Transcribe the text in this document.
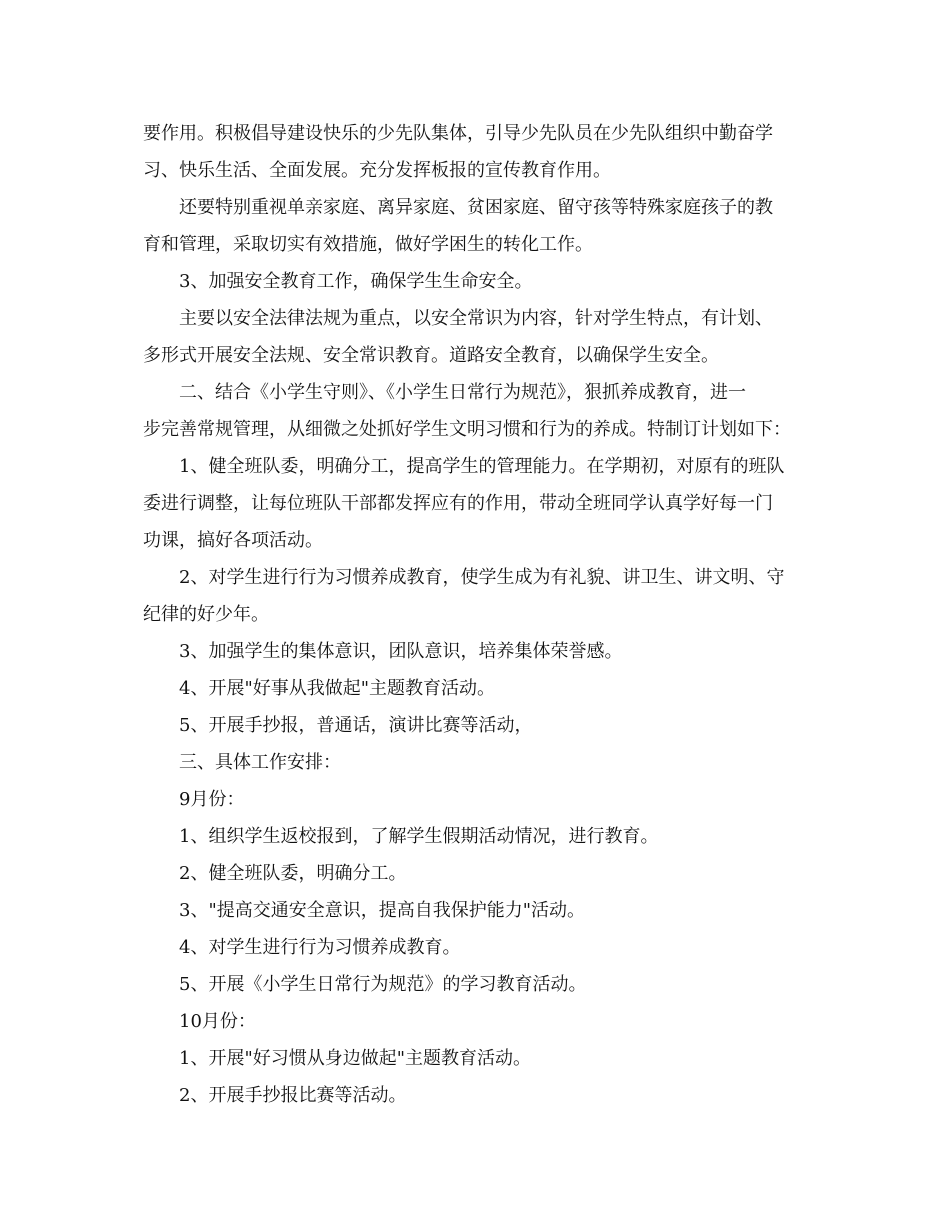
要作用。积极倡导建设快乐的少先队集体，引导少先队员在少先队组织中勤奋学
习、快乐生活、全面发展。充分发挥板报的宣传教育作用。

还要特别重视单亲家庭、离异家庭、贫困家庭、留守孩等特殊家庭孩子的教

育和管理，采取切实有效措施，做好学困生的转化工作。

3、加强安全教育工作，确保学生生命安全。

主要以安全法律法规为重点，以安全常识为内容，针对学生特点，有计划、

多形式开展安全法规、安全常识教育。道路安全教育，以确保学生安全。

二、结合《小学生守则》、《小学生日常行为规范》，狠抓养成教育，进一

步完善常规管理，从细微之处抓好学生文明习惯和行为的养成。特制订计划如下：

1、健全班队委，明确分工，提高学生的管理能力。在学期初，对原有的班队

委进行调整，让每位班队干部都发挥应有的作用，带动全班同学认真学好每一门
功课，搞好各项活动。

2、对学生进行行为习惯养成教育，使学生成为有礼貌、讲卫生、讲文明、守

纪律的好少年。

3、加强学生的集体意识，团队意识，培养集体荣誉感。

4、开展"好事从我做起"主题教育活动。

5、开展手抄报，普通话，演讲比赛等活动，

三、具体工作安排：

9月份：

1、组织学生返校报到，了解学生假期活动情况，进行教育。

2、健全班队委，明确分工。

3、"提高交通安全意识，提高自我保护能力"活动。

4、对学生进行行为习惯养成教育。

5、开展《小学生日常行为规范》的学习教育活动。

10月份：

1、开展"好习惯从身边做起"主题教育活动。

2、开展手抄报比赛等活动。
